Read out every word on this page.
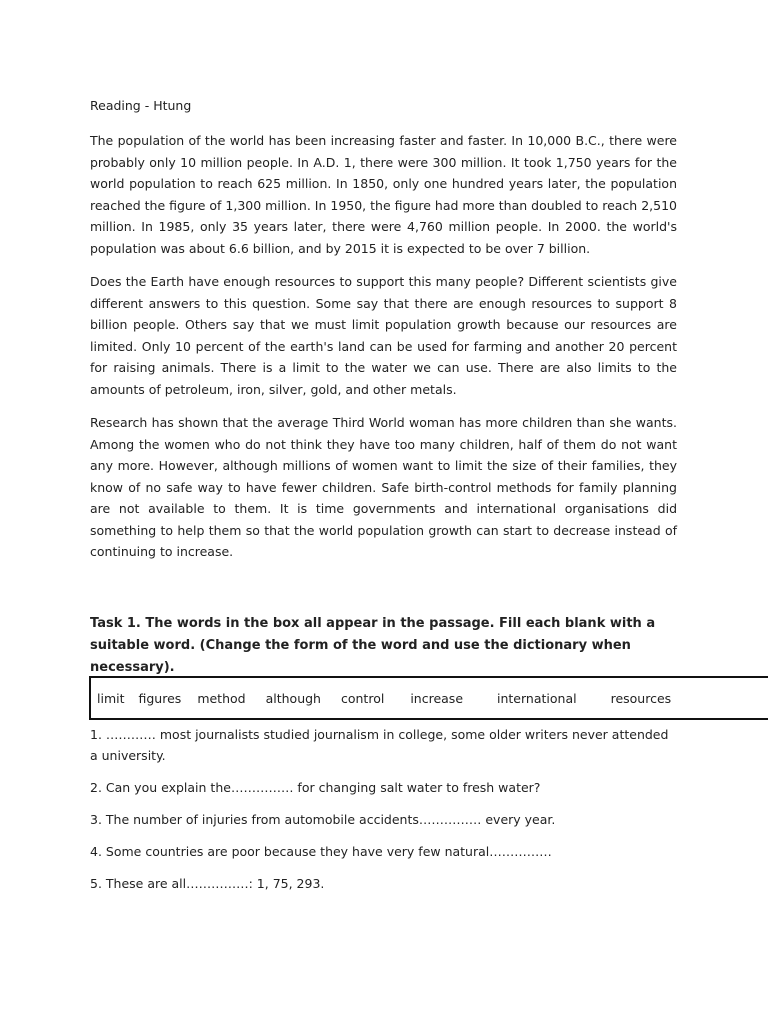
Reading - Htung

The population of the world has been increasing faster and faster. In 10,000 B.C., there were probably only 10 million people. In A.D. 1, there were 300 million. It took 1,750 years for the world population to reach 625 million. In 1850, only one hundred years later, the population reached the figure of 1,300 million. In 1950, the figure had more than doubled to reach 2,510 million. In 1985, only 35 years later, there were 4,760 million people. In 2000. the world's population was about 6.6 billion, and by 2015 it is expected to be over 7 billion.

Does the Earth have enough resources to support this many people? Different scientists give different answers to this question. Some say that there are enough resources to support 8 billion people. Others say that we must limit population growth because our resources are limited. Only 10 percent of the earth's land can be used for farming and another 20 percent for raising animals. There is a limit to the water we can use. There are also limits to the amounts of petroleum, iron, silver, gold, and other metals.

Research has shown that the average Third World woman has more children than she wants. Among the women who do not think they have too many children, half of them do not want any more. However, although millions of women want to limit the size of their families, they know of no safe way to have fewer children. Safe birth-control methods for family planning are not available to them. It is time governments and international organisations did something to help them so that the world population growth can start to decrease instead of continuing to increase.

Task 1. The words in the box all appear in the passage. Fill each blank with a suitable word. (Change the form of the word and use the dictionary when necessary).

limit figures method although control increase	international	resources

1. ………… most journalists studied journalism in college, some older writers never attended a university.

2. Can you explain the…………… for changing salt water to fresh water?

3. The number of injuries from automobile accidents…………… every year.

4. Some countries are poor because they have very few natural……………

5. These are all……………: 1, 75, 293.
